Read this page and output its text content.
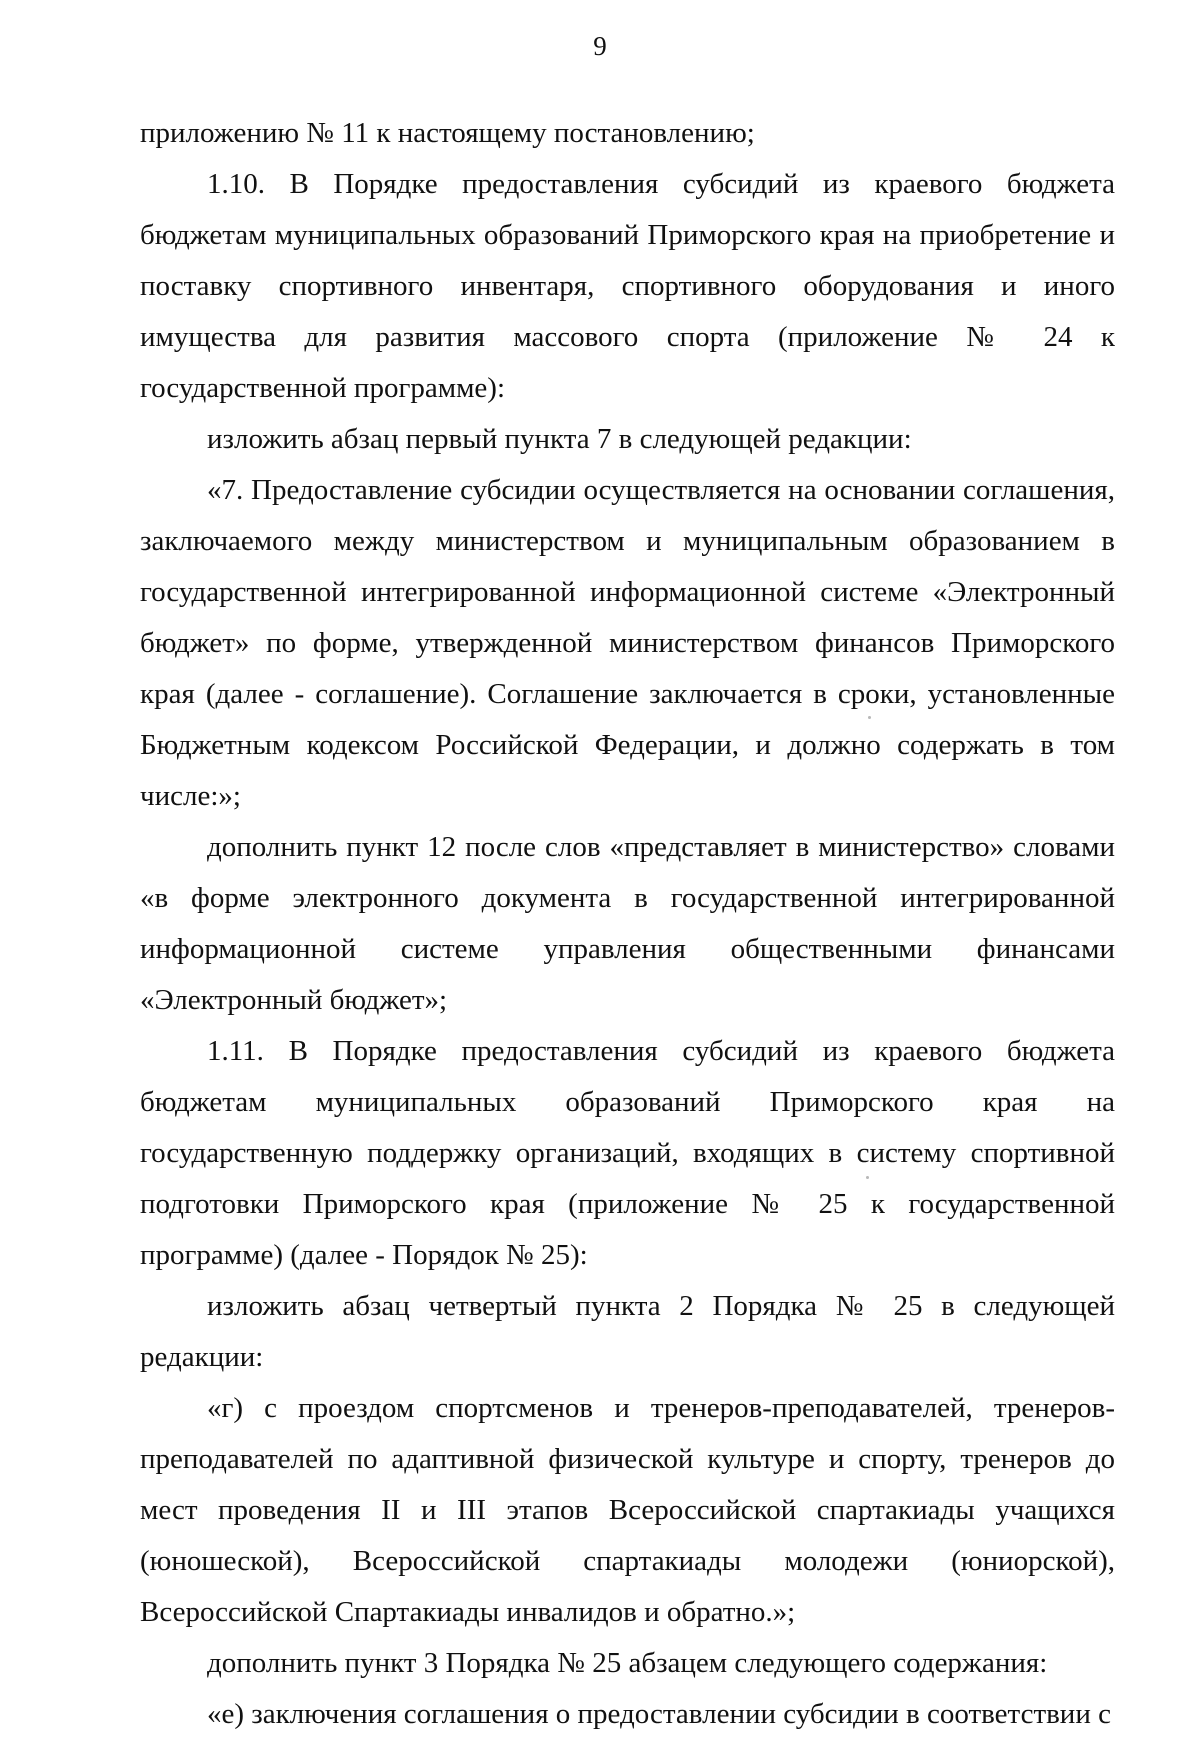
9

приложению № 11 к настоящему постановлению;

1.10. В Порядке предоставления субсидий из краевого бюджета бюджетам муниципальных образований Приморского края на приобретение и поставку спортивного инвентаря, спортивного оборудования и иного имущества для развития массового спорта (приложение № 24 к государственной программе):

изложить абзац первый пункта 7 в следующей редакции:

«7. Предоставление субсидии осуществляется на основании соглашения, заключаемого между министерством и муниципальным образованием в государственной интегрированной информационной системе «Электронный бюджет» по форме, утвержденной министерством финансов Приморского края (далее - соглашение). Соглашение заключается в сроки, установленные Бюджетным кодексом Российской Федерации, и должно содержать в том числе:»;

дополнить пункт 12 после слов «представляет в министерство» словами «в форме электронного документа в государственной интегрированной информационной системе управления общественными финансами «Электронный бюджет»;

1.11. В Порядке предоставления субсидий из краевого бюджета бюджетам муниципальных образований Приморского края на государственную поддержку организаций, входящих в систему спортивной подготовки Приморского края (приложение № 25 к государственной программе) (далее - Порядок № 25):

изложить абзац четвертый пункта 2 Порядка № 25 в следующей редакции:

«г) с проездом спортсменов и тренеров-преподавателей, тренеров-преподавателей по адаптивной физической культуре и спорту, тренеров до мест проведения II и III этапов Всероссийской спартакиады учащихся (юношеской), Всероссийской спартакиады молодежи (юниорской), Всероссийской Спартакиады инвалидов и обратно.»;

дополнить пункт 3 Порядка № 25 абзацем следующего содержания:

«е) заключения соглашения о предоставлении субсидии в соответствии с
